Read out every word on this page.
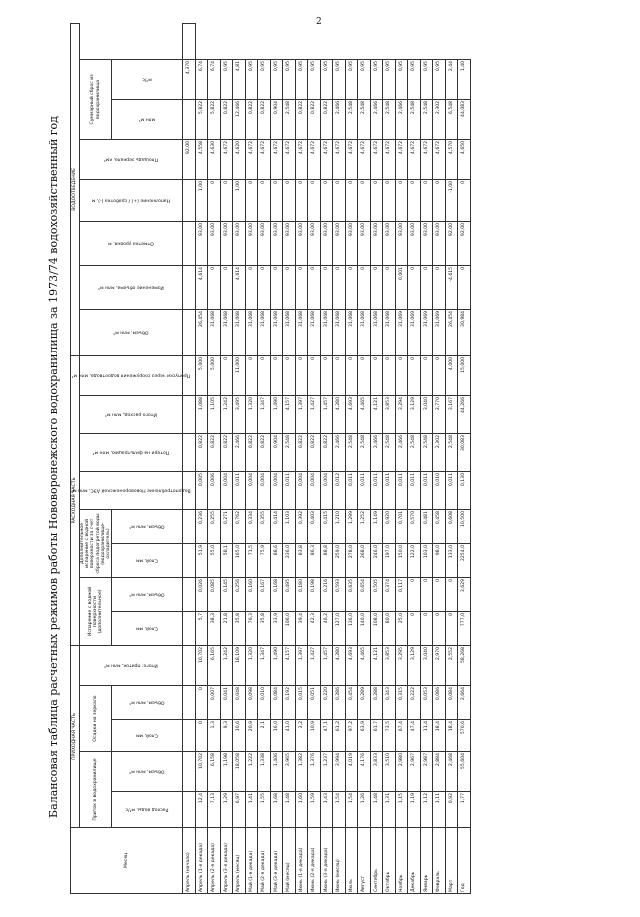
2
Балансовая таблица расчетных режимов работы Нововоронежского водохранилища за 1973/74 водохозяйственный год
Месяц	ПРИХОДНАЯ ЧАСТЬ					РАСХОДНАЯ ЧАСТЬ								ВОДООТВЕДЕНИЕ								
	Приток в водохранилище		Осадки на зеркало		Итого: приток, млн м³	Испарение с водной поверхности (дополнительное)		Дополнительное испарение с водной поверхности за счет сброса подогретой воды (водохранилище-охладитель)		Водопотребление Нововоронежской АЭС, млн м³	Потери на фильтрацию, млн м³	Итого расход, млн м³	Пропуски через сооружения водоотвода, млн м³	Объем, млн м³	Изменение объема, млн м³	Отметка уровня, м	Наполнение (+) / сработка (-), м	Площадь зеркала, км²	Суммарный сброс из водохранилища			

	Расход воды, м³/с	Объем, млн м³	Слой, мм	Объем, млн м³		Слой, мм	Объем, млн м³	Слой, мм	Объем, млн м³										млн м³	м³/с		

Апрель (начало)																		92,00		4,370		
Апрель (1-я декада)	12,4	10,702	0	0	10,702	5,7	0,026	51,9	0,236	0,005	0,822	1,088	5,000	26,454	4,614	93,00	1,00	4,558	5,822	6,74		
Апрель (2-я декада)	7,13	6,158	1,3	0,007	6,165	38,3	0,085	55,0	0,255	0,006	0,822	1,105	5,000	31,068	0	93,00	0	4,630	5,822	6,74		
Апрель (3-я декада)	1,29	1,198	9,3	0,041	1,242	21,8	0,145	58,1	0,271	0,004	0,822	1,242	0	31,068	0	93,00	0	4,672	0,822	0,95		
Апрель (месяц)	6,97	18,058	10,6	0,048	18,109	35,8	0,256	165,0	0,762	0,011	2,466	3,495	11,000	31,068	4,614	93,00	1,00	4,620	12,466	4,81		
Май (1-я декада)	1,41	1,222	20,9	0,098	1,320	76,3	0,160	71,5	0,334	0,004	0,822	1,320	0	31,068	0	93,00	0	4,672	0,822	0,95		
Май (2-я декада)	1,55	1,338	2,1	0,010	1,347	35,8	0,167	75,9	0,355	0,004	0,822	1,347	0	31,068	0	93,00	0	4,672	0,822	0,95		
Май (3-я декада)	1,68	1,406	16,0	0,084	1,490	33,9	0,168	88,6	0,414	0,004	0,904	1,490	0	31,068	0	93,00	0	4,672	0,904	0,95		
Май (месяц)	1,48	3,965	41,0	0,192	4,157	106,0	0,495	236,0	1,103	0,011	2,548	4,157	0	31,068	0	93,00	0	4,672	2,548	0,95		
Июнь (1-я декада)	1,60	1,382	3,2	0,015	1,397	39,4	0,180	83,8	0,392	0,004	0,822	1,397	0	31,068	0	93,00	0	4,672	0,822	0,95		
Июнь (2-я декада)	1,59	1,376	10,9	0,051	1,427	42,3	0,198	86,3	0,403	0,004	0,822	1,427	0	31,068	0	93,00	0	4,672	0,822	0,95		
Июнь (3-я декада)	1,43	1,237	47,1	0,220	1,457	46,2	0,216	88,8	0,415	0,004	0,822	1,457	0	31,068	0	93,00	0	4,672	0,822	0,95		
Июнь (месяц)	1,54	3,994	61,2	0,286	4,280	127,0	0,593	259,0	1,210	0,012	2,466	4,280	0	31,068	0	93,00	0	4,672	2,466	0,95		
Июль	1,54	4,019	97,2	0,454	4,693	136,0	0,635	278,0	1,299	0,011	2,548	4,693	0	31,068	0	93,00	0	4,672	2,548	0,95		
Август	1,26	4,176	63,9	0,289	4,465	140,0	0,654	268,0	1,252	0,011	2,548	4,465	0	31,068	0	93,00	0	4,672	2,548	0,95		
Сентябрь	1,48	3,833	61,7	0,288	4,121	108,0	0,505	246,0	1,149	0,011	2,466	4,121	0	31,068	0	93,00	0	4,672	2,466	0,95		
Октябрь	1,31	3,510	73,5	0,343	3,853	80,0	0,374	197,0	0,920	0,011	2,548	3,853	0	31,068	0	93,00	0	4,672	2,548	0,95		
Ноябрь	1,15	2,980	67,4	0,315	3,295	25,0	0,117	150,0	0,701	0,011	2,466	3,294	0	31,069	0,001	93,00	0	4,672	2,466	0,95		
Декабрь	1,19	2,967	47,4	0,222	3,129	0	0	122,0	0,570	0,011	2,548	3,129	0	31,069	0	93,00	0	4,672	2,548	0,95		
Январь	1,12	2,987	11,4	0,053	3,040	0	0	103,0	0,481	0,011	2,548	3,040	0	31,069	0	93,00	0	4,672	2,548	0,95		
Февраль	1,11	2,884	18,4	0,086	2,970	0	0	98,0	0,458	0,010	2,302	2,770	0	31,069	0	93,00	0	4,672	2,302	0,95		
Март	0,92	2,468	18,4	0,084	2,552	0	0	133,0	0,608	0,011	2,548	3,167	4,000	26,454	-4,615	92,00	-1,00	4,570	6,548	2,44		
Год	1,77	55,604	570,6	2,664	58,268	777,0	3,629	2254,0	10,500	0,130	30,083	44,266	15,000	30,984	0	92,00	0	4,650	44,083	1,40		
